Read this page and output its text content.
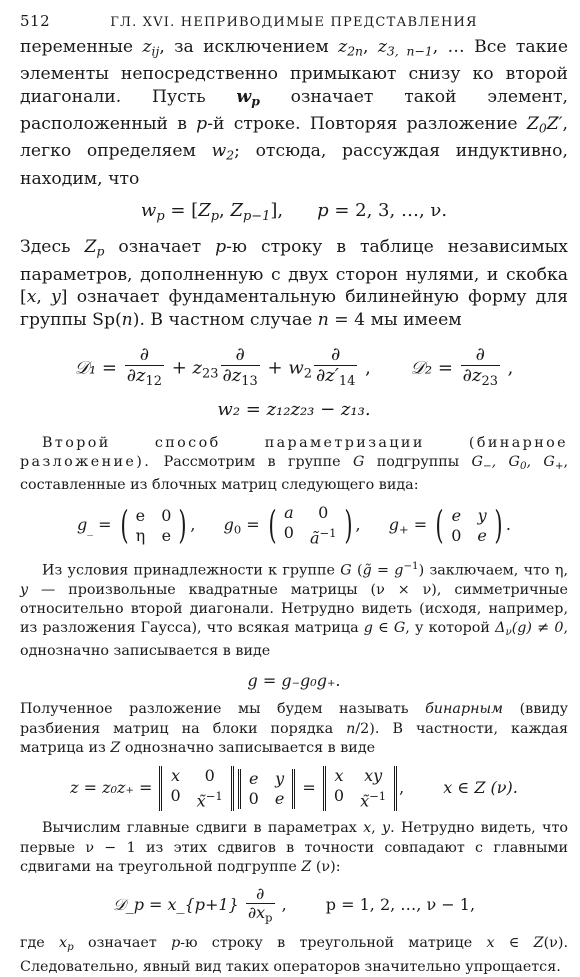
512	ГЛ. XVI. НЕПРИВОДИМЫЕ ПРЕДСТАВЛЕНИЯ

переменные $z_{ij}$, за исключением $z_{2n}$, $z_{3, n-1}$, … Все такие элементы непосредственно примыкают снизу ко второй диагонали. Пусть $w_p$ означает такой элемент, расположенный в p-й строке. Повторяя разложение $Z_0Z'$, легко определяем $w_2$; отсюда, рассуждая индуктивно, находим, что

$w_p = [Z_p$, $Z_{p-1}$], p = 2, 3, …, ν.

Здесь $Z_p$ означает p-ю строку в таблице независимых параметров, дополненную с двух сторон нулями, и скобка [x, y] означает фундаментальную билинейную форму для группы Sp(n). В частном случае n = 4 мы имеем

𝒟₁ = $\frac{\partial}{\partial z_{12}} + z_{23} \frac{\partial}{\partial z_{13}} + w_2 \frac{\partial}{\partial z'_{14}}$ , 𝒟₂ = $\frac{\partial}{\partial z_{23}}$ ,
w₂ = z₁₂z₂₃ − z₁₃.

Второй способ параметризации (бинарное разложение). Рассмотрим в группе G подгруппы $G_-$, $G_0$, $G_+$, составленные из блочных матриц следующего вида:

$g_{\_}$ = ( e 0
η e ) ,  $g_0$ = ( a	0
0 $ã^{-1}$ ) ,  $g_+$ = ( e y
0 e ) .

Из условия принадлежности к группе G (g̃ = $g^{-1}$) заключаем, что η, y — произвольные квадратные матрицы (ν × ν), симметричные относительно второй диагонали. Нетрудно видеть (исходя, например, из разложения Гаусса), что всякая матрица g ∈ G, у которой $\Delta_\nu(g) \ne 0$, однозначно записывается в виде

g = g₋g₀g₊.

Полученное разложение мы будем называть бинарным (ввиду разбиения матриц на блоки порядка n/2). В частности, каждая матрица из Z однозначно записывается в виде

z = z₀z₊ =
x	0
0 x̃$^{-1}$
e y
0 e
=
x xy
0 x̃$^{-1}$ , x ∈ Z (ν).

Вычислим главные сдвиги в параметрах x, y. Нетрудно видеть, что первые ν − 1 из этих сдвигов в точности совпадают с главными сдвигами на треугольной подгруппе Z (ν):

𝒟_p = x_{p+1} $\frac{\partial}{\partial x_p}$ , p = 1, 2, …, ν − 1,

где $x_p$ означает p-ю строку в треугольной матрице x ∈ Z(ν). Следовательно, явный вид таких операторов значительно упрощается.
